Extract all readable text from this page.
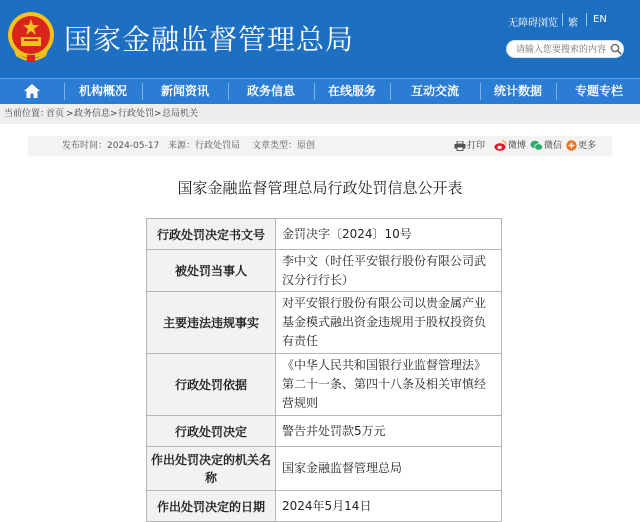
国家金融监督管理总局	无障碍浏览 繁 EN
请输入您要搜索的内容
机构概况	新闻资讯	政务信息	在线服务	互动交流	统计数据	专题专栏
当前位置：
首页 > 政务信息 > 行政处罚 > 总局机关
发布时间：2024-05-17 来源：行政处罚局 文章类型：原创	打印	微博 微信 更多
国家金融监督管理总局行政处罚信息公开表
行政处罚决定书文号	金罚决字〔2024〕10号
被处罚当事人	李中文（时任平安银行股份有限公司武汉分行行长）
主要违法违规事实	对平安银行股份有限公司以贵金属产业基金模式融出资金违规用于股权投资负有责任
行政处罚依据	《中华人民共和国银行业监督管理法》第二十一条、第四十八条及相关审慎经营规则
行政处罚决定	警告并处罚款5万元
作出处罚决定的机关名称	国家金融监督管理总局
作出处罚决定的日期	2024年5月14日
